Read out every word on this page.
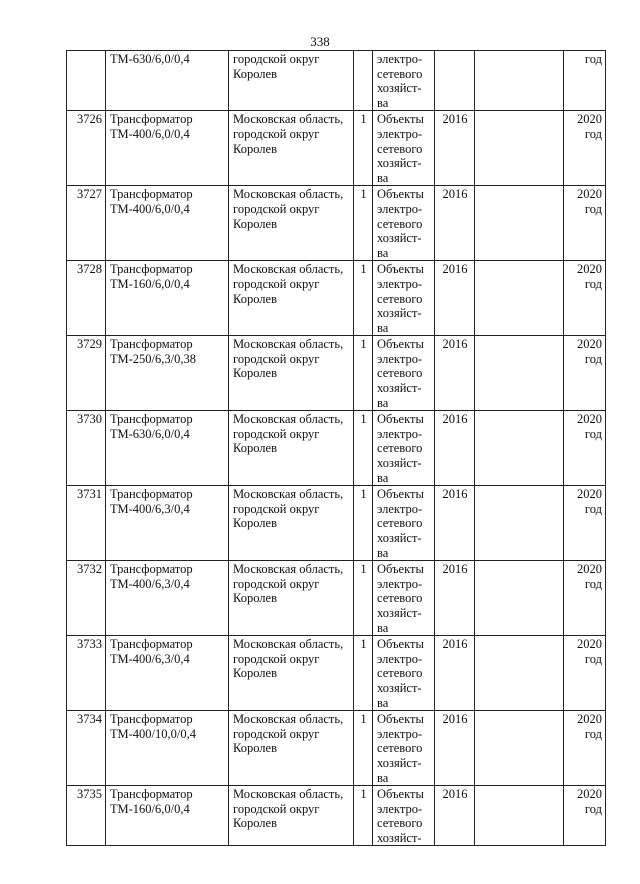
338

	ТМ-630/6,0/0,4	городской округ
Королев		электро-
сетевого
хозяйст-
ва			год

3726	Трансформатор
ТМ-400/6,0/0,4	Московская область,
городской округ
Королев	1	Объекты
электро-
сетевого
хозяйст-
ва	2016		2020
год

3727	Трансформатор
ТМ-400/6,0/0,4	Московская область,
городской округ
Королев	1	Объекты
электро-
сетевого
хозяйст-
ва	2016		2020
год

3728	Трансформатор
ТМ-160/6,0/0,4	Московская область,
городской округ
Королев	1	Объекты
электро-
сетевого
хозяйст-
ва	2016		2020
год

3729	Трансформатор
ТМ-250/6,3/0,38	Московская область,
городской округ
Королев	1	Объекты
электро-
сетевого
хозяйст-
ва	2016		2020
год

3730	Трансформатор
ТМ-630/6,0/0,4	Московская область,
городской округ
Королев	1	Объекты
электро-
сетевого
хозяйст-
ва	2016		2020
год

3731	Трансформатор
ТМ-400/6,3/0,4	Московская область,
городской округ
Королев	1	Объекты
электро-
сетевого
хозяйст-
ва	2016		2020
год

3732	Трансформатор
ТМ-400/6,3/0,4	Московская область,
городской округ
Королев	1	Объекты
электро-
сетевого
хозяйст-
ва	2016		2020
год

3733	Трансформатор
ТМ-400/6,3/0,4	Московская область,
городской округ
Королев	1	Объекты
электро-
сетевого
хозяйст-
ва	2016		2020
год

3734	Трансформатор
ТМ-400/10,0/0,4	Московская область,
городской округ
Королев	1	Объекты
электро-
сетевого
хозяйст-
ва	2016		2020
год

3735	Трансформатор
ТМ-160/6,0/0,4	Московская область,
городской округ
Королев	1	Объекты
электро-
сетевого
хозяйст-	2016		2020
год
